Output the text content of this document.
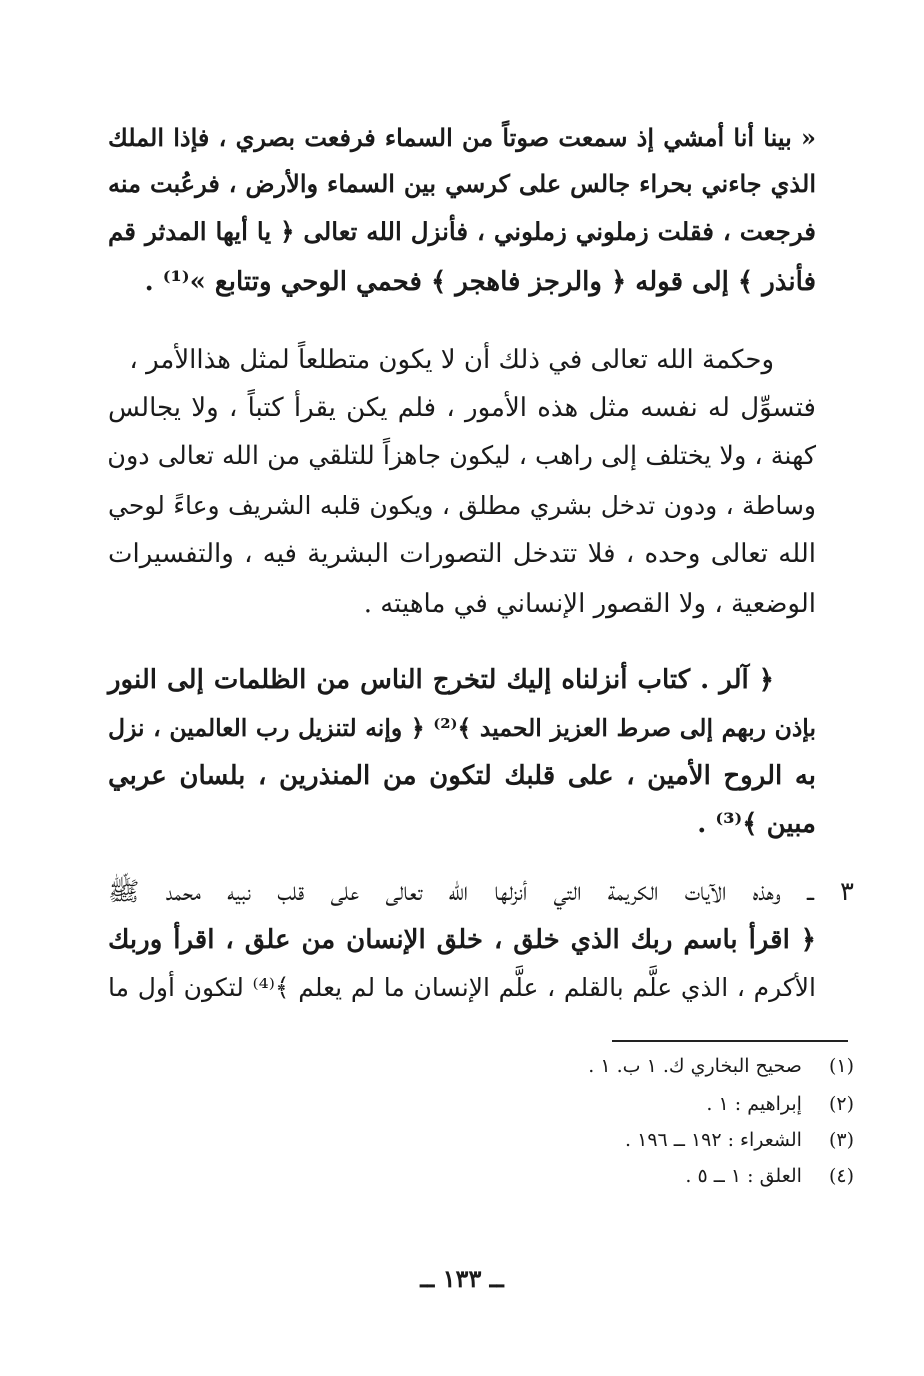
« بينا أنا أمشي إذ سمعت صوتاً من السماء فرفعت بصري ، فإذا الملك
الذي جاءني بحراء جالس على كرسي بين السماء والأرض ، فرعُبت منه
فرجعت ، فقلت زملوني زملوني ، فأنزل الله تعالى ﴿ يا أيها المدثر قم
فأنذر ﴾ إلى قوله ﴿ والرجز فاهجر ﴾ فحمي الوحي وتتابع »⁽¹⁾ .
وحكمة الله تعالى في ذلك أن لا يكون متطلعاً لمثل هذاالأمر ،
فتسوِّل له نفسه مثل هذه الأمور ، فلم يكن يقرأ كتباً ، ولا يجالس
كهنة ، ولا يختلف إلى راهب ، ليكون جاهزاً للتلقي من الله تعالى دون
وساطة ، ودون تدخل بشري مطلق ، ويكون قلبه الشريف وعاءً لوحي
الله تعالى وحده ، فلا تتدخل التصورات البشرية فيه ، والتفسيرات
الوضعية ، ولا القصور الإنساني في ماهيته .
﴿ آلر . كتاب أنزلناه إليك لتخرج الناس من الظلمات إلى النور
بإذن ربهم إلى صرط العزيز الحميد ﴾⁽²⁾ ﴿ وإنه لتنزيل رب العالمين ، نزل
به الروح الأمين ، على قلبك لتكون من المنذرين ، بلسان عربي
مبين ﴾⁽³⁾ .
٣ ــ وهذه الآيات الكريمة التي أنزلها الله تعالى على قلب نبيه محمد ﷺ
﴿ اقرأ باسم ربك الذي خلق ، خلق الإنسان من علق ، اقرأ وربك
الأكرم ، الذي علَّم بالقلم ، علَّم الإنسان ما لم يعلم ﴾⁽⁴⁾ لتكون أول ما
(١) صحيح البخاري ك. ١ ب. ١ .
(٢) إبراهيم : ١ .
(٣) الشعراء : ١٩٢ ــ ١٩٦ .
(٤) العلق : ١ ــ ٥ .
ــ ١٣٣ ــ
